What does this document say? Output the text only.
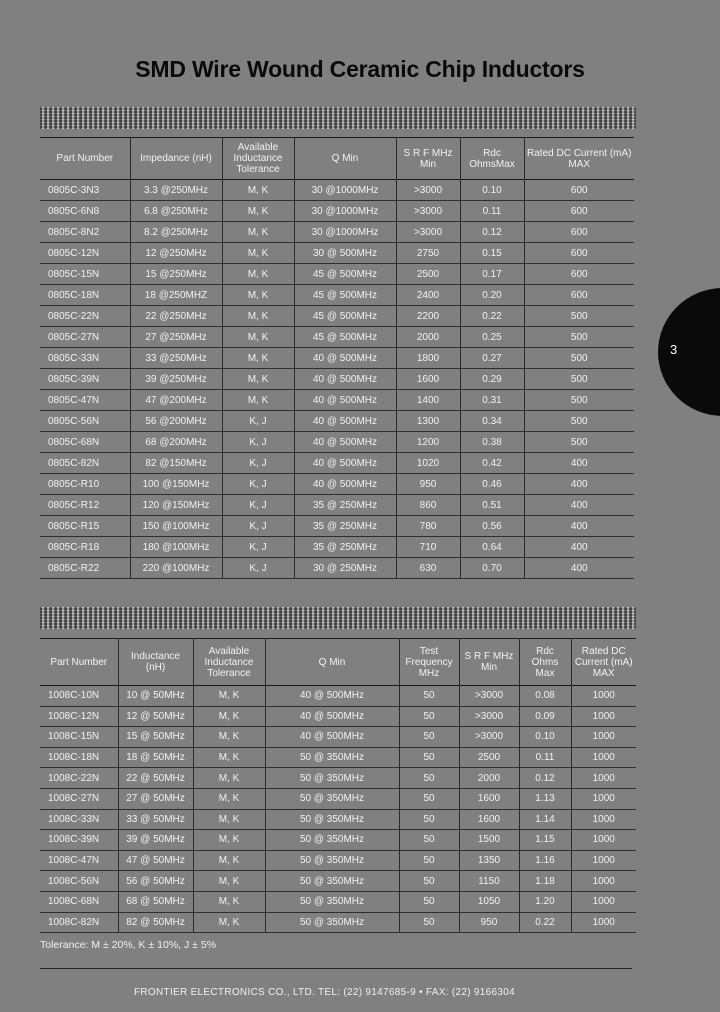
SMD Wire Wound Ceramic Chip Inductors
Part Number	Impedance (nH)	Available Inductance Tolerance	Q Min	S R F MHz Min	Rdc OhmsMax	Rated DC Current (mA) MAX
0805C-3N3	3.3 @250MHz	M, K	30 @1000MHz	>3000	0.10	600
0805C-6N8	6.8 @250MHz	M, K	30 @1000MHz	>3000	0.11	600
0805C-8N2	8.2 @250MHz	M, K	30 @1000MHz	>3000	0.12	600
0805C-12N	12 @250MHz	M, K	30 @ 500MHz	2750	0.15	600
0805C-15N	15 @250MHz	M, K	45 @ 500MHz	2500	0.17	600
0805C-18N	18 @250MHZ	M, K	45 @ 500MHz	2400	0.20	600
0805C-22N	22 @250MHz	M, K	45 @ 500MHz	2200	0.22	500
0805C-27N	27 @250MHz	M, K	45 @ 500MHz	2000	0.25	500
0805C-33N	33 @250MHz	M, K	40 @ 500MHz	1800	0.27	500
0805C-39N	39 @250MHz	M, K	40 @ 500MHz	1600	0.29	500
0805C-47N	47 @200MHz	M, K	40 @ 500MHz	1400	0.31	500
0805C-56N	56 @200MHz	K, J	40 @ 500MHz	1300	0.34	500
0805C-68N	68 @200MHz	K, J	40 @ 500MHz	1200	0.38	500
0805C-82N	82 @150MHz	K, J	40 @ 500MHz	1020	0.42	400
0805C-R10	100 @150MHz	K, J	40 @ 500MHz	950	0.46	400
0805C-R12	120 @150MHz	K, J	35 @ 250MHz	860	0.51	400
0805C-R15	150 @100MHz	K, J	35 @ 250MHz	780	0.56	400
0805C-R18	180 @100MHz	K, J	35 @ 250MHz	710	0.64	400
0805C-R22	220 @100MHz	K, J	30 @ 250MHz	630	0.70	400
Part Number	Inductance (nH)	Available Inductance Tolerance	Q Min	Test Frequency MHz	S R F MHz Min	Rdc Ohms Max	Rated DC Current (mA) MAX
1008C-10N	10 @ 50MHz	M, K	40 @ 500MHz	50	>3000	0.08	1000
1008C-12N	12 @ 50MHz	M, K	40 @ 500MHz	50	>3000	0.09	1000
1008C-15N	15 @ 50MHz	M, K	40 @ 500MHz	50	>3000	0.10	1000
1008C-18N	18 @ 50MHz	M, K	50 @ 350MHz	50	2500	0.11	1000
1008C-22N	22 @ 50MHz	M, K	50 @ 350MHz	50	2000	0.12	1000
1008C-27N	27 @ 50MHz	M, K	50 @ 350MHz	50	1600	1.13	1000
1008C-33N	33 @ 50MHz	M, K	50 @ 350MHz	50	1600	1.14	1000
1008C-39N	39 @ 50MHz	M, K	50 @ 350MHz	50	1500	1.15	1000
1008C-47N	47 @ 50MHz	M, K	50 @ 350MHz	50	1350	1.16	1000
1008C-56N	56 @ 50MHz	M, K	50 @ 350MHz	50	1150	1.18	1000
1008C-68N	68 @ 50MHz	M, K	50 @ 350MHz	50	1050	1.20	1000
1008C-82N	82 @ 50MHz	M, K	50 @ 350MHz	50	950	0.22	1000
Tolerance: M ± 20%, K ± 10%, J ± 5%
FRONTIER ELECTRONICS CO., LTD. TEL: (22) 9147685-9 • FAX: (22) 9166304
3
